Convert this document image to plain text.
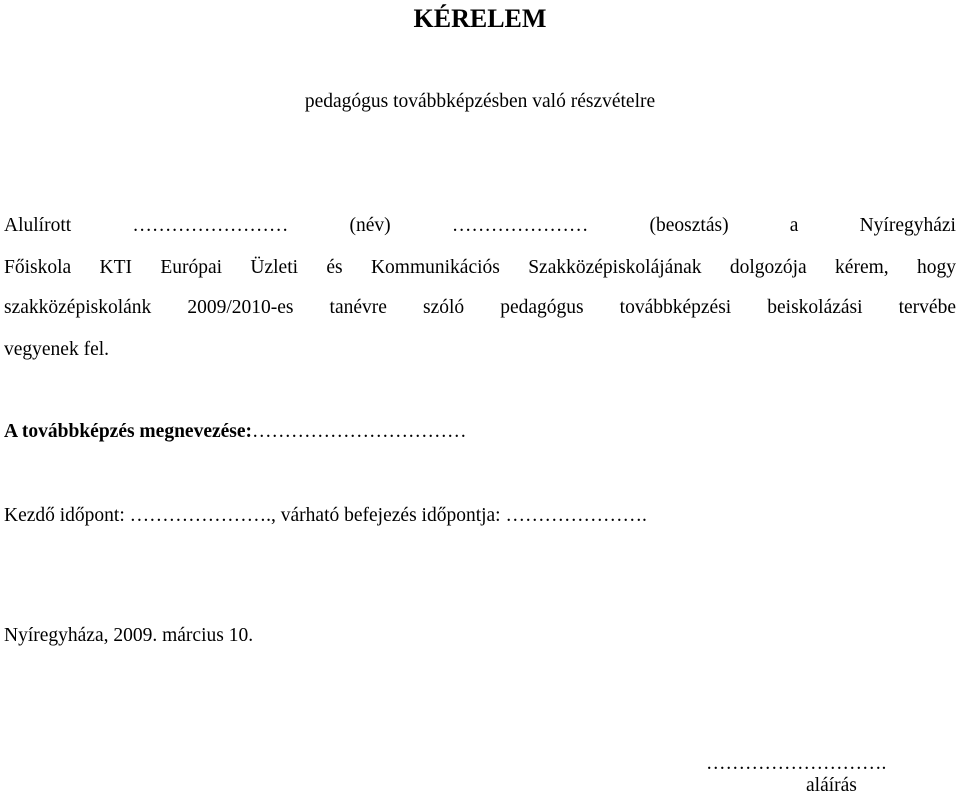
KÉRELEM
pedagógus továbbképzésben való részvételre
Alulírott	……………………	(név)	…………………	(beosztás)	a	Nyíregyházi
Főiskola KTI Európai Üzleti és Kommunikációs Szakközépiskolájának dolgozója kérem, hogy
szakközépiskolánk 2009/2010-es tanévre szóló pedagógus továbbképzési beiskolázási tervébe
vegyenek fel.
A továbbképzés megnevezése:……………………………
Kezdő időpont: …………………., várható befejezés időpontja: ………………….
Nyíregyháza, 2009. március 10.
……………………….
aláírás
